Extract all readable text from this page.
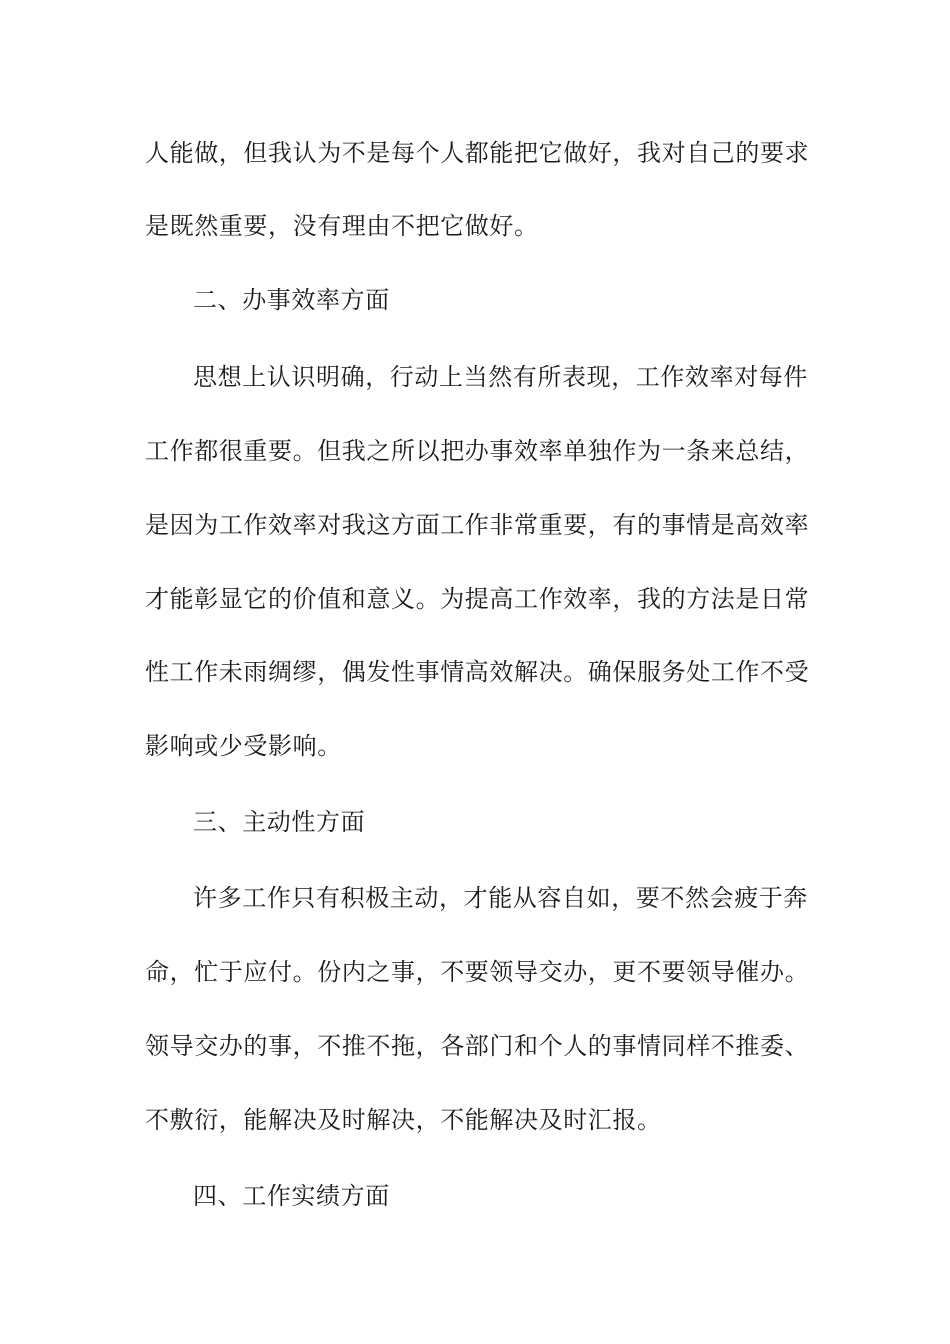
人能做，但我认为不是每个人都能把它做好，我对自己的要求
是既然重要，没有理由不把它做好。
二、办事效率方面
思想上认识明确，行动上当然有所表现，工作效率对每件
工作都很重要。但我之所以把办事效率单独作为一条来总结，
是因为工作效率对我这方面工作非常重要，有的事情是高效率
才能彰显它的价值和意义。为提高工作效率，我的方法是日常
性工作未雨绸缪，偶发性事情高效解决。确保服务处工作不受
影响或少受影响。
三、主动性方面
许多工作只有积极主动，才能从容自如，要不然会疲于奔
命，忙于应付。份内之事，不要领导交办，更不要领导催办。
领导交办的事，不推不拖，各部门和个人的事情同样不推委、
不敷衍，能解决及时解决，不能解决及时汇报。
四、工作实绩方面
